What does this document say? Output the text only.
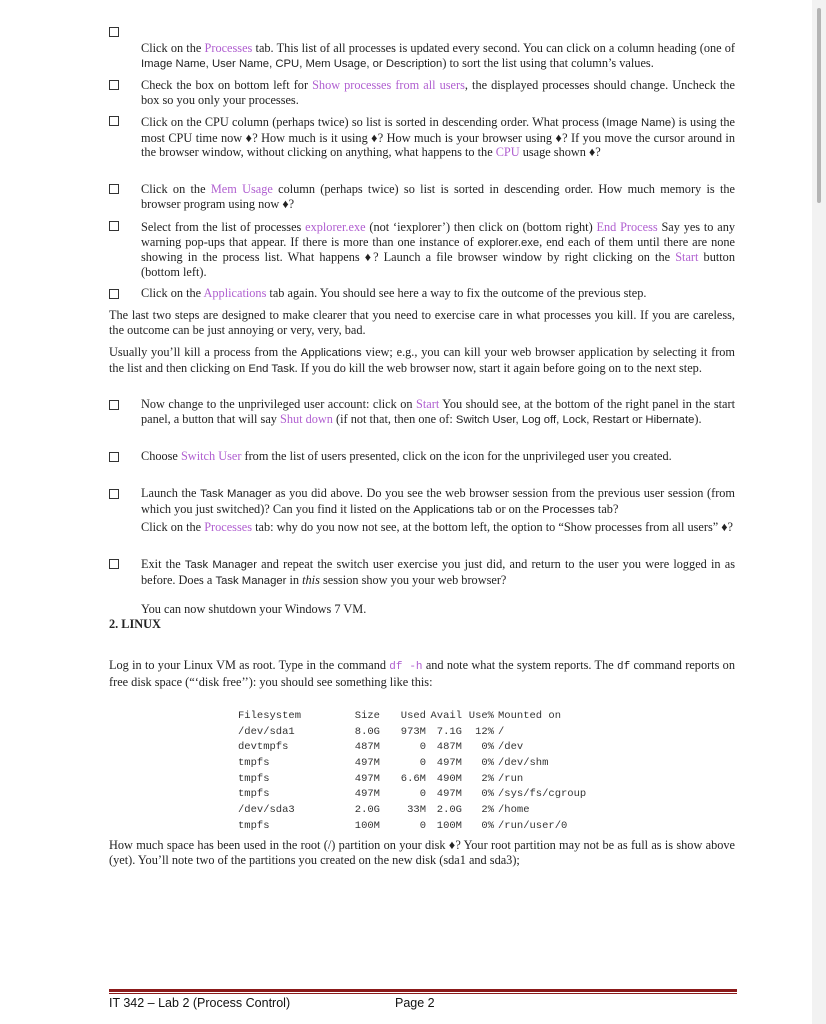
Click on the Processes tab. This list of all processes is updated every second. You can click on a column heading (one of Image Name, User Name, CPU, Mem Usage, or Description) to sort the list using that column’s values.
Check the box on bottom left for Show processes from all users, the displayed processes should change. Uncheck the box so you only your processes.
Click on the CPU column (perhaps twice) so list is sorted in descending order. What process (Image Name) is using the most CPU time now ♦? How much is it using ♦? How much is your browser using ♦? If you move the cursor around in the browser window, without clicking on anything, what happens to the CPU usage shown ♦?
Click on the Mem Usage column (perhaps twice) so list is sorted in descending order. How much memory is the browser program using now ♦?
Select from the list of processes explorer.exe (not ‘iexplorer’) then click on (bottom right) End Process Say yes to any warning pop-ups that appear. If there is more than one instance of explorer.exe, end each of them until there are none showing in the process list. What happens ♦? Launch a file browser window by right clicking on the Start button (bottom left).
Click on the Applications tab again. You should see here a way to fix the outcome of the previous step.
The last two steps are designed to make clearer that you need to exercise care in what processes you kill. If you are careless, the outcome can be just annoying or very, very, bad.
Usually you’ll kill a process from the Applications view; e.g., you can kill your web browser application by selecting it from the list and then clicking on End Task. If you do kill the web browser now, start it again before going on to the next step.
Now change to the unprivileged user account: click on Start You should see, at the bottom of the right panel in the start panel, a button that will say Shut down (if not that, then one of: Switch User, Log off, Lock, Restart or Hibernate).
Choose Switch User from the list of users presented, click on the icon for the unprivileged user you created.
Launch the Task Manager as you did above. Do you see the web browser session from the previous user session (from which you just switched)? Can you find it listed on the Applications tab or on the Processes tab?
Click on the Processes tab: why do you now not see, at the bottom left, the option to “Show processes from all users” ♦?
Exit the Task Manager and repeat the switch user exercise you just did, and return to the user you were logged in as before. Does a Task Manager in this session show you your web browser?
You can now shutdown your Windows 7 VM.
2. LINUX
Log in to your Linux VM as root. Type in the command df -h and note what the system reports. The df command reports on free disk space (“‘disk free’’): you should see something like this:
Filesystem	Size	Used	Avail	Use%	Mounted on
/dev/sda1	8.0G	973M	7.1G	12%	/
devtmpfs	487M	0	487M	0%	/dev
tmpfs	497M	0	497M	0%	/dev/shm
tmpfs	497M	6.6M	490M	2%	/run
tmpfs	497M	0	497M	0%	/sys/fs/cgroup
/dev/sda3	2.0G	33M	2.0G	2%	/home
tmpfs	100M	0	100M	0%	/run/user/0
How much space has been used in the root (/) partition on your disk ♦? Your root partition may not be as full as is show above (yet). You’ll note two of the partitions you created on the new disk (sda1 and sda3);
IT 342 – Lab 2 (Process Control)	Page 2
